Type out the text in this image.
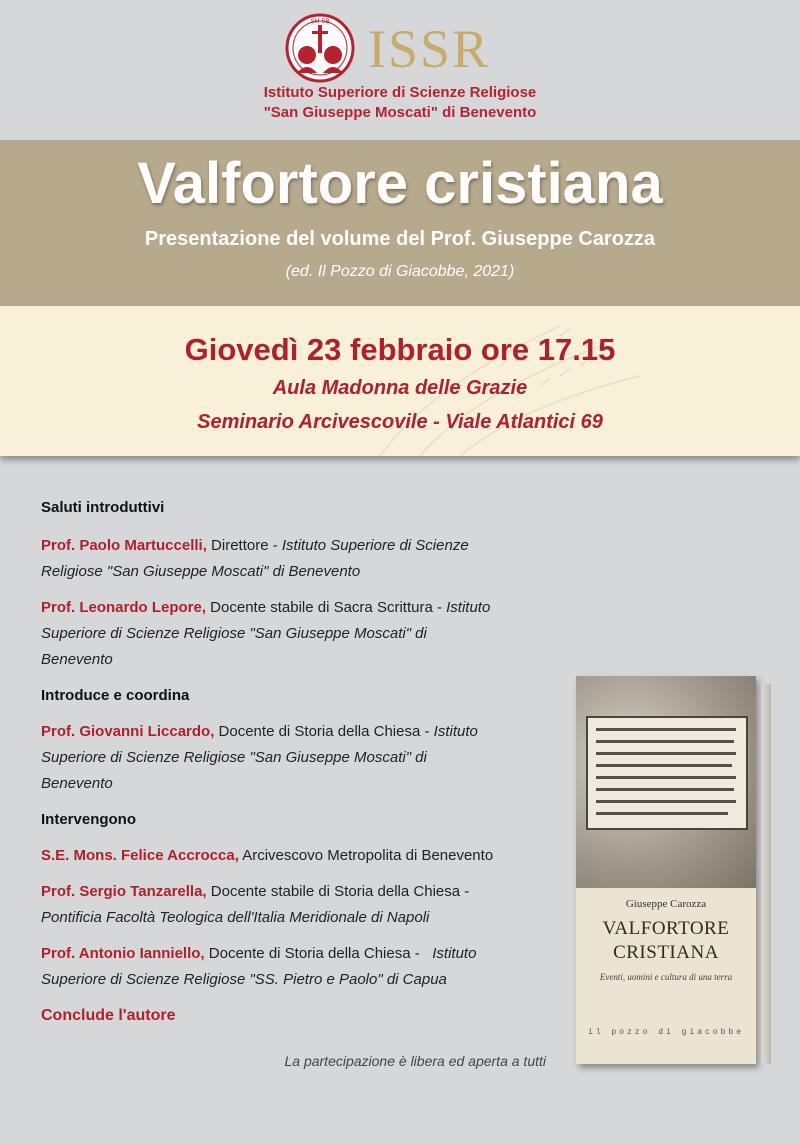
SM SB ISSR
Istituto Superiore di Scienze Religiose
"San Giuseppe Moscati" di Benevento
Valfortore cristiana
Presentazione del volume del Prof. Giuseppe Carozza
(ed. Il Pozzo di Giacobbe, 2021)
Giovedì 23 febbraio ore 17.15
Aula Madonna delle Grazie
Seminario Arcivescovile - Viale Atlantici 69

Saluti introduttivi

Prof. Paolo Martuccelli, Direttore - Istituto Superiore di Scienze
Religiose "San Giuseppe Moscati" di Benevento

Prof. Leonardo Lepore, Docente stabile di Sacra Scrittura - Istituto
Superiore di Scienze Religiose "San Giuseppe Moscati" di
Benevento

Introduce e coordina

Prof. Giovanni Liccardo, Docente di Storia della Chiesa - Istituto
Superiore di Scienze Religiose "San Giuseppe Moscati" di
Benevento

Intervengono

S.E. Mons. Felice Accrocca, Arcivescovo Metropolita di Benevento

Prof. Sergio Tanzarella, Docente stabile di Storia della Chiesa -
Pontificia Facoltà Teologica dell'Italia Meridionale di Napoli

Prof. Antonio Ianniello, Docente di Storia della Chiesa -   Istituto
Superiore di Scienze Religiose "SS. Pietro e Paolo" di Capua

Conclude l'autore

La partecipazione è libera ed aperta a tutti
Giuseppe Carozza
VALFORTORE
CRISTIANA
Eventi, uomini e cultura di una terra
il pozzo di giacobbe
